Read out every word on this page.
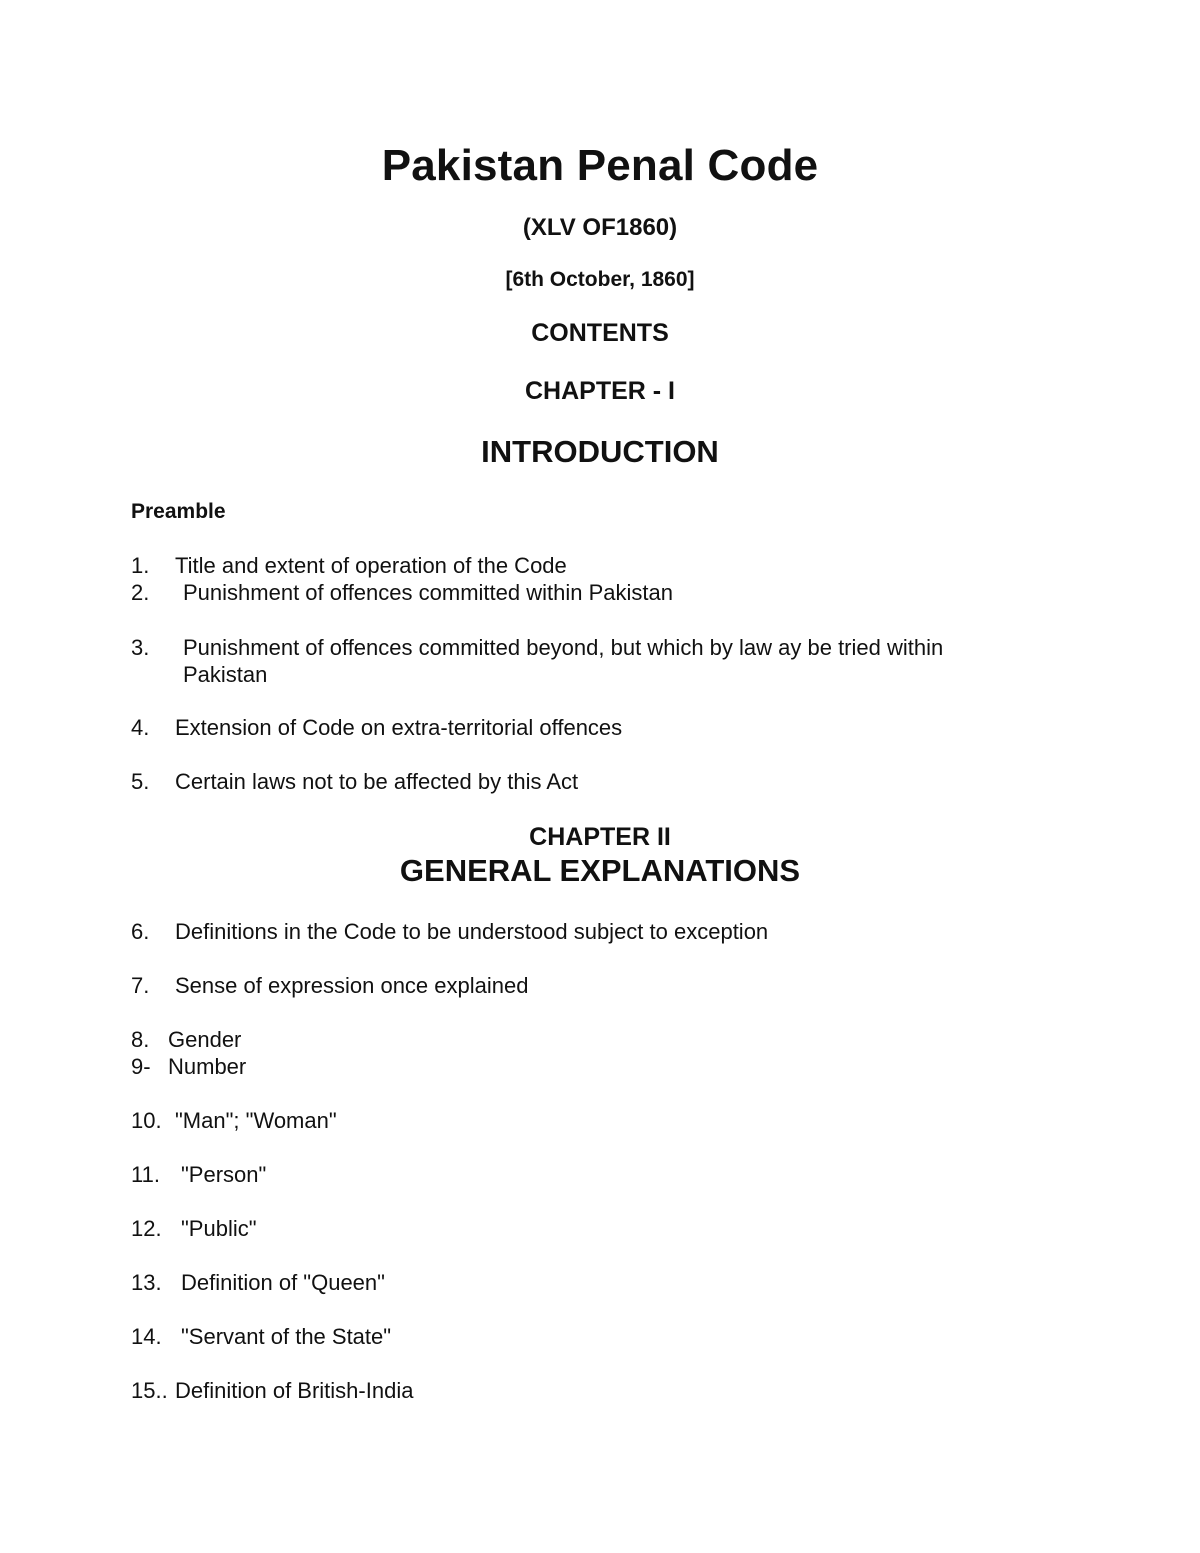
Pakistan Penal Code
(XLV OF1860)
[6th October, 1860]
CONTENTS
CHAPTER - I
INTRODUCTION
Preamble
1. Title and extent of operation of the Code
2. Punishment of offences committed within Pakistan
3. Punishment of offences committed beyond, but which by law ay be tried within
Pakistan
4. Extension of Code on extra-territorial offences
5. Certain laws not to be affected by this Act
CHAPTER II
GENERAL EXPLANATIONS
6. Definitions in the Code to be understood subject to exception
7. Sense of expression once explained
8. Gender
9- Number
10. "Man"; "Woman"
11. "Person"
12. "Public"
13. Definition of "Queen"
14. "Servant of the State"
15.. Definition of British-India
